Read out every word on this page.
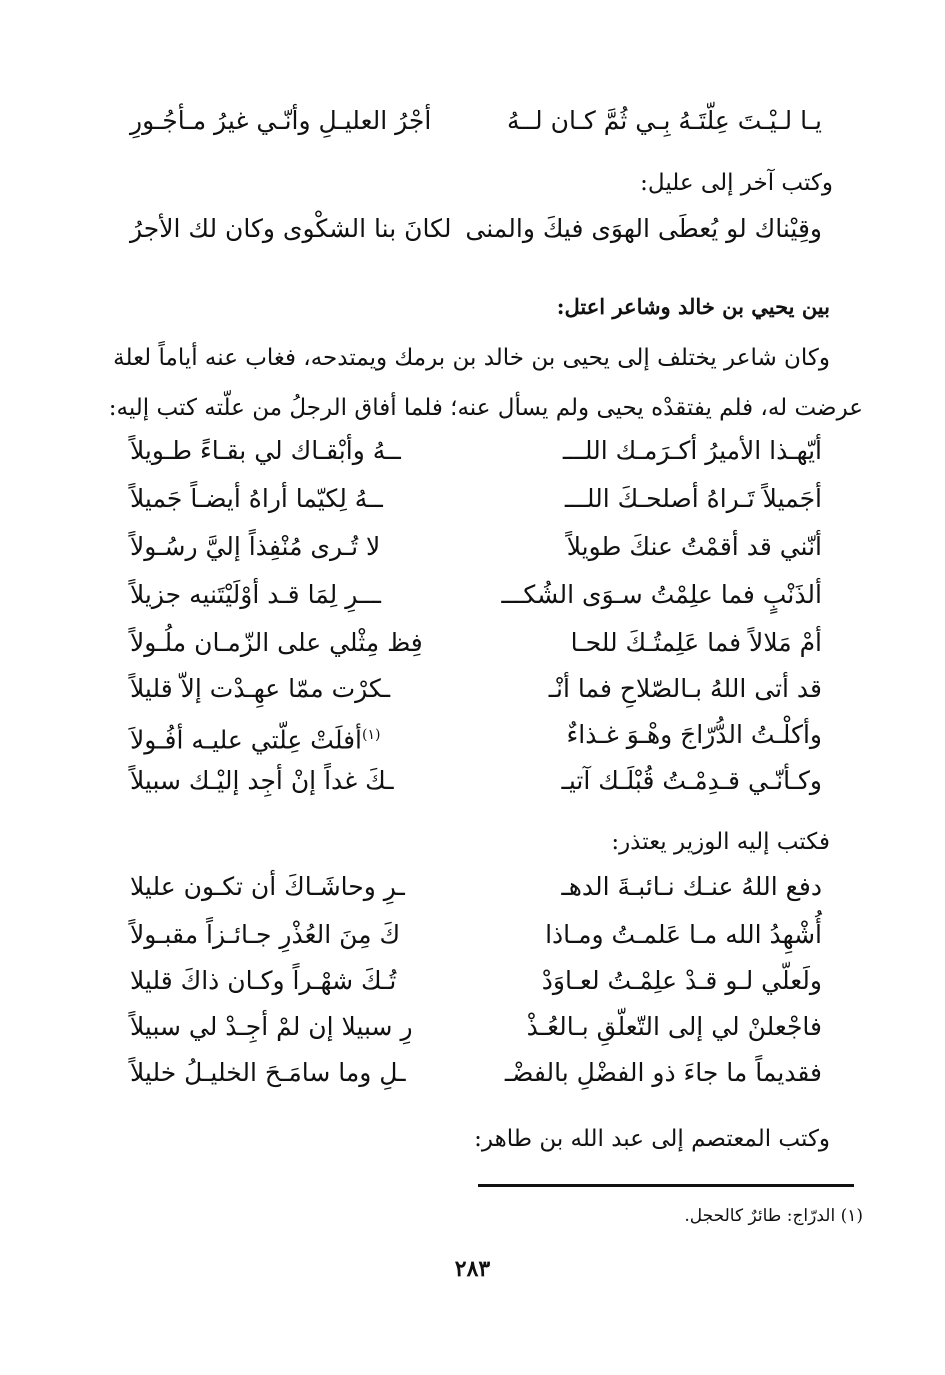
يـا لـيْـتَ عِلّتَـهُ بِـي ثُمَّ كـان لــهُ
أجْرُ العليـلِ وأنّـي غيرُ مـأجُـورِ
وكتب آخر إلى عليل:
وقِيْناك لو يُعطَى الهوَى فيكَ والمنى
لكانَ بنا الشكْوى وكان لك الأجرُ
بين يحيي بن خالد وشاعر اعتل:
وكان شاعر يختلف إلى يحيى بن خالد بن برمك ويمتدحه، فغاب عنه أياماً لعلة
عرضت له، فلم يفتقدْه يحيى ولم يسأل عنه؛ فلما أفاق الرجلُ من علّته كتب إليه:
أيّهـذا الأميرُ أكـرَمـك اللـــ
ــهُ وأبْقـاك لي بقـاءً طـويلاً
أجَميلاً تَـراهُ أصلحـكَ اللـــ
ــهُ لِكيّما أراهُ أيضـاً جَميلاً
أنّني قد أقمْتُ عنكَ طويلاً
لا تُـرى مُنْفِذاً إليَّ رسُـولاً
ألذَنْبٍ فما علِمْتُ سـوَى الشُكـــ
ـــرِ لِمَا قـد أوْلَيْتَنيه جزيلاً
أمْ مَلالاً فما عَلِمتُـكَ للحـا
فِظ مِثْلي على الزّمـان ملُـولاً
قد أتى اللهُ بـالصّلاحِ فما أنْـ
ـكرْت ممّا عهِـدْت إلاّ قليلاً
وأكلْـتُ الدُّرّاجَ وهْـوَ غـذاءٌ
$^{(١)}$أفلَتْ عِلّتي عليـه أفُـولاَ
وكـأنّـي قـدِمْـتُ قُبْلَـك آتيـ
ـكَ غداً إنْ أجِد إليْـك سبيلاً
فكتب إليه الوزير يعتذر:
دفع اللهُ عنـك نـائبـةَ الدهـ
ـرِ وحاشَـاكَ أن تكـون عليلا
أُشْهِدُ الله مـا عَلمـتُ ومـاذا
كَ مِنَ العُذْرِ جـائـزاً مقبـولاً
ولَعلّي لـو قـدْ علِمْـتُ لعـاوَدْ
تُـكَ شهْـراً وكـان ذاكَ قليلا
فاجْعلنْ لي إلى التّعلّقِ بـالعُـذْ
رِ سبيلا إن لمْ أجِـدْ لي سبيلاً
فقديماً ما جاءَ ذو الفضْلِ بالفضْـ
ـلِ وما سامَـحَ الخليـلُ خليلاً
وكتب المعتصم إلى عبد الله بن طاهر:
(١) الدرّاج: طائرٌ كالحجل.
٢٨٣
